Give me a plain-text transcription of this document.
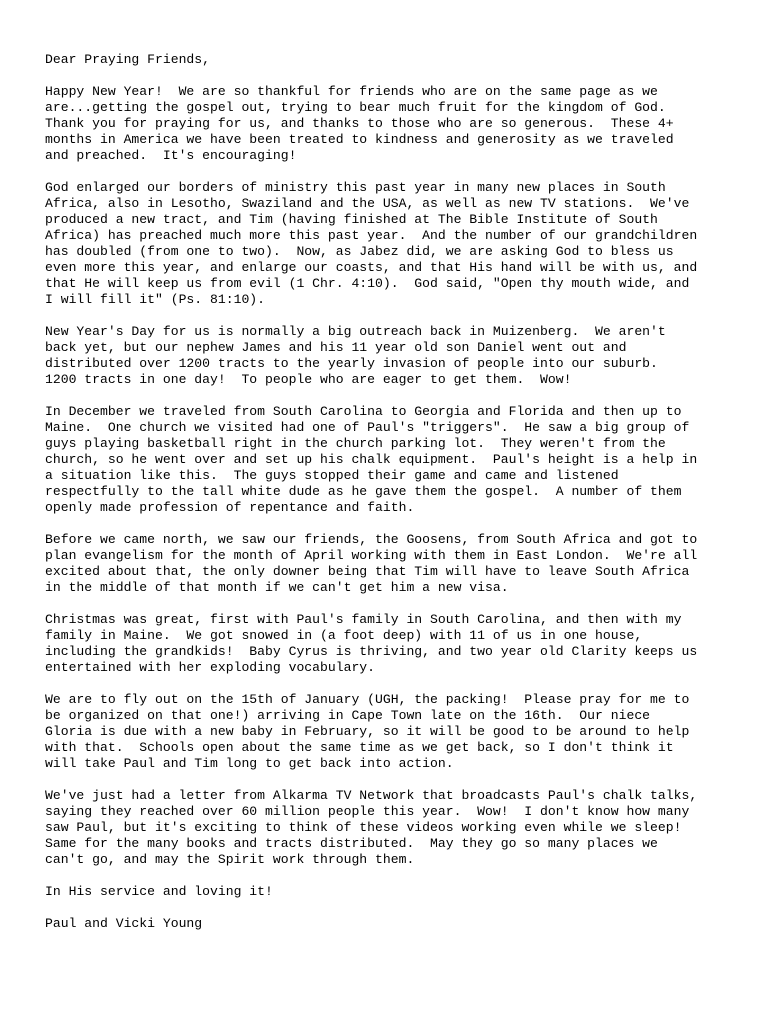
Dear Praying Friends,
Happy New Year!  We are so thankful for friends who are on the same page as we
are...getting the gospel out, trying to bear much fruit for the kingdom of God.
Thank you for praying for us, and thanks to those who are so generous.  These 4+
months in America we have been treated to kindness and generosity as we traveled
and preached.  It's encouraging!
God enlarged our borders of ministry this past year in many new places in South
Africa, also in Lesotho, Swaziland and the USA, as well as new TV stations.  We've
produced a new tract, and Tim (having finished at The Bible Institute of South
Africa) has preached much more this past year.  And the number of our grandchildren
has doubled (from one to two).  Now, as Jabez did, we are asking God to bless us
even more this year, and enlarge our coasts, and that His hand will be with us, and
that He will keep us from evil (1 Chr. 4:10).  God said, "Open thy mouth wide, and
I will fill it" (Ps. 81:10).
New Year's Day for us is normally a big outreach back in Muizenberg.  We aren't
back yet, but our nephew James and his 11 year old son Daniel went out and
distributed over 1200 tracts to the yearly invasion of people into our suburb.
1200 tracts in one day!  To people who are eager to get them.  Wow!
In December we traveled from South Carolina to Georgia and Florida and then up to
Maine.  One church we visited had one of Paul's "triggers".  He saw a big group of
guys playing basketball right in the church parking lot.  They weren't from the
church, so he went over and set up his chalk equipment.  Paul's height is a help in
a situation like this.  The guys stopped their game and came and listened
respectfully to the tall white dude as he gave them the gospel.  A number of them
openly made profession of repentance and faith.
Before we came north, we saw our friends, the Goosens, from South Africa and got to
plan evangelism for the month of April working with them in East London.  We're all
excited about that, the only downer being that Tim will have to leave South Africa
in the middle of that month if we can't get him a new visa.
Christmas was great, first with Paul's family in South Carolina, and then with my
family in Maine.  We got snowed in (a foot deep) with 11 of us in one house,
including the grandkids!  Baby Cyrus is thriving, and two year old Clarity keeps us
entertained with her exploding vocabulary.
We are to fly out on the 15th of January (UGH, the packing!  Please pray for me to
be organized on that one!) arriving in Cape Town late on the 16th.  Our niece
Gloria is due with a new baby in February, so it will be good to be around to help
with that.  Schools open about the same time as we get back, so I don't think it
will take Paul and Tim long to get back into action.
We've just had a letter from Alkarma TV Network that broadcasts Paul's chalk talks,
saying they reached over 60 million people this year.  Wow!  I don't know how many
saw Paul, but it's exciting to think of these videos working even while we sleep!
Same for the many books and tracts distributed.  May they go so many places we
can't go, and may the Spirit work through them.
In His service and loving it!
Paul and Vicki Young
